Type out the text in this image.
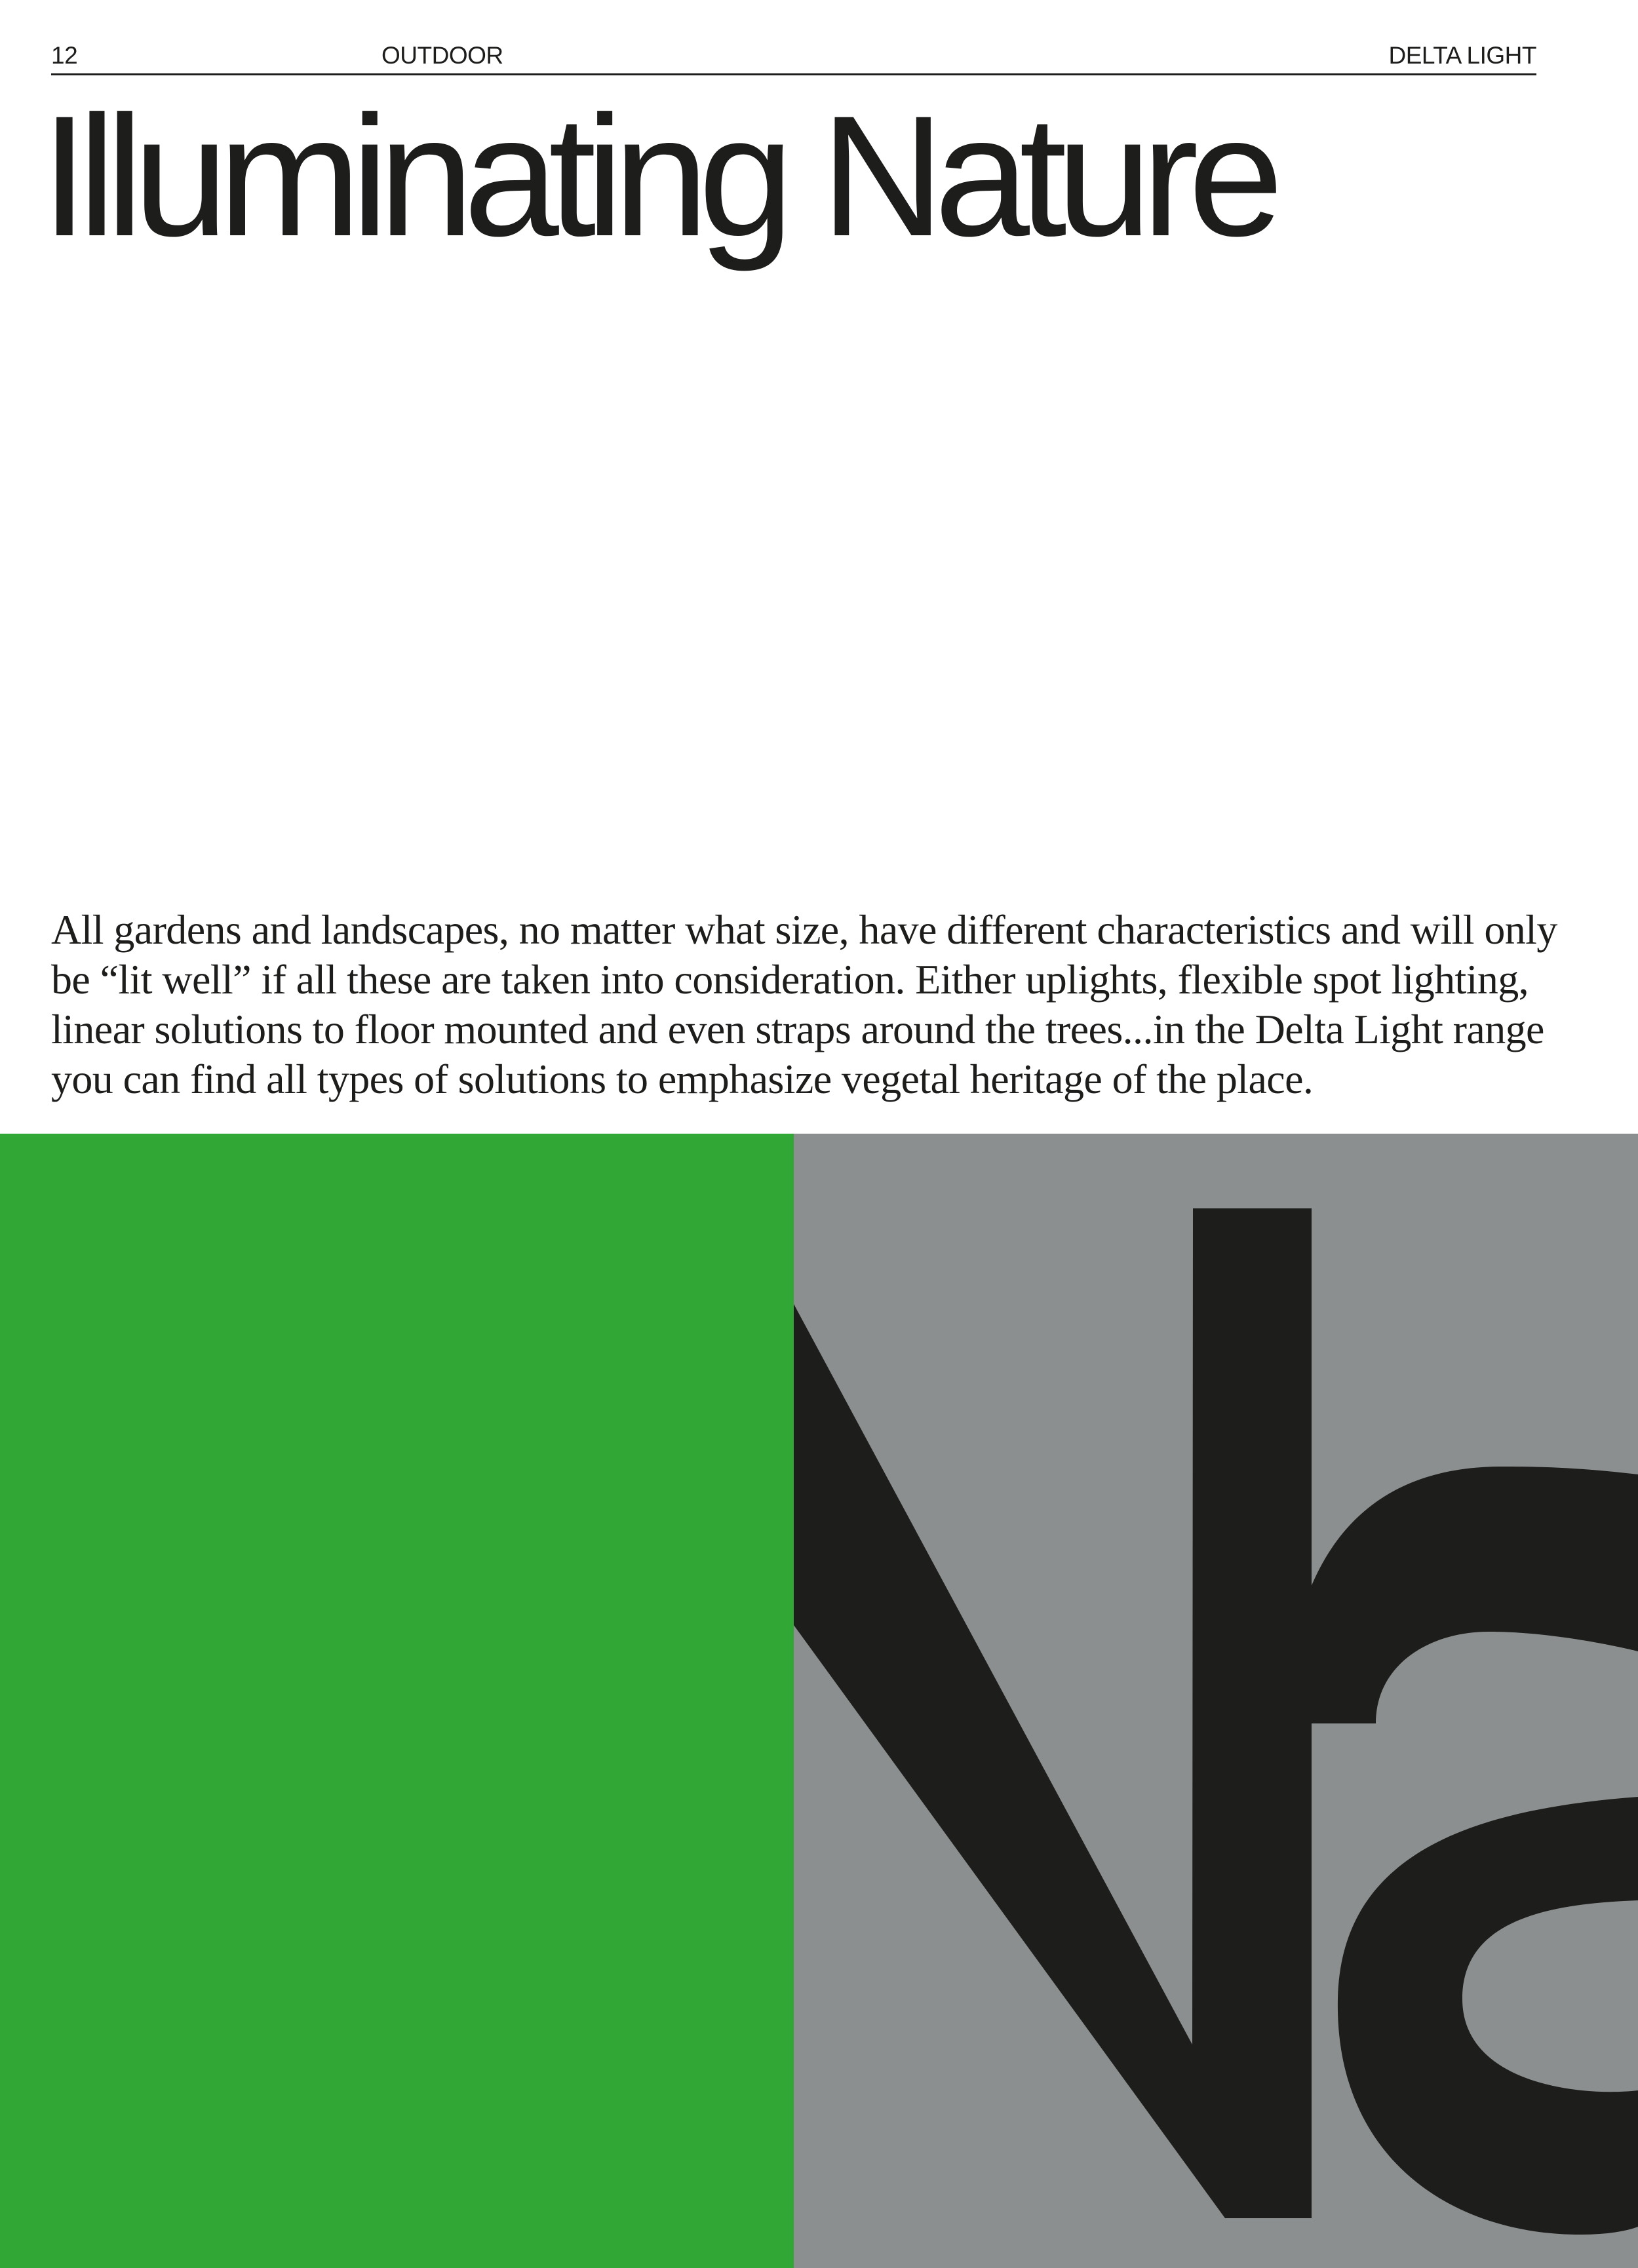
12	OUTDOOR	DELTA LIGHT
Illuminating Nature

All gardens and landscapes, no matter what size, have different characteristics and will only be “lit well” if all these are taken into consideration. Either uplights, flexible spot lighting, linear solutions to floor mounted and even straps around the trees...in the Delta Light range you can find all types of solutions to emphasize vegetal heritage of the place.
